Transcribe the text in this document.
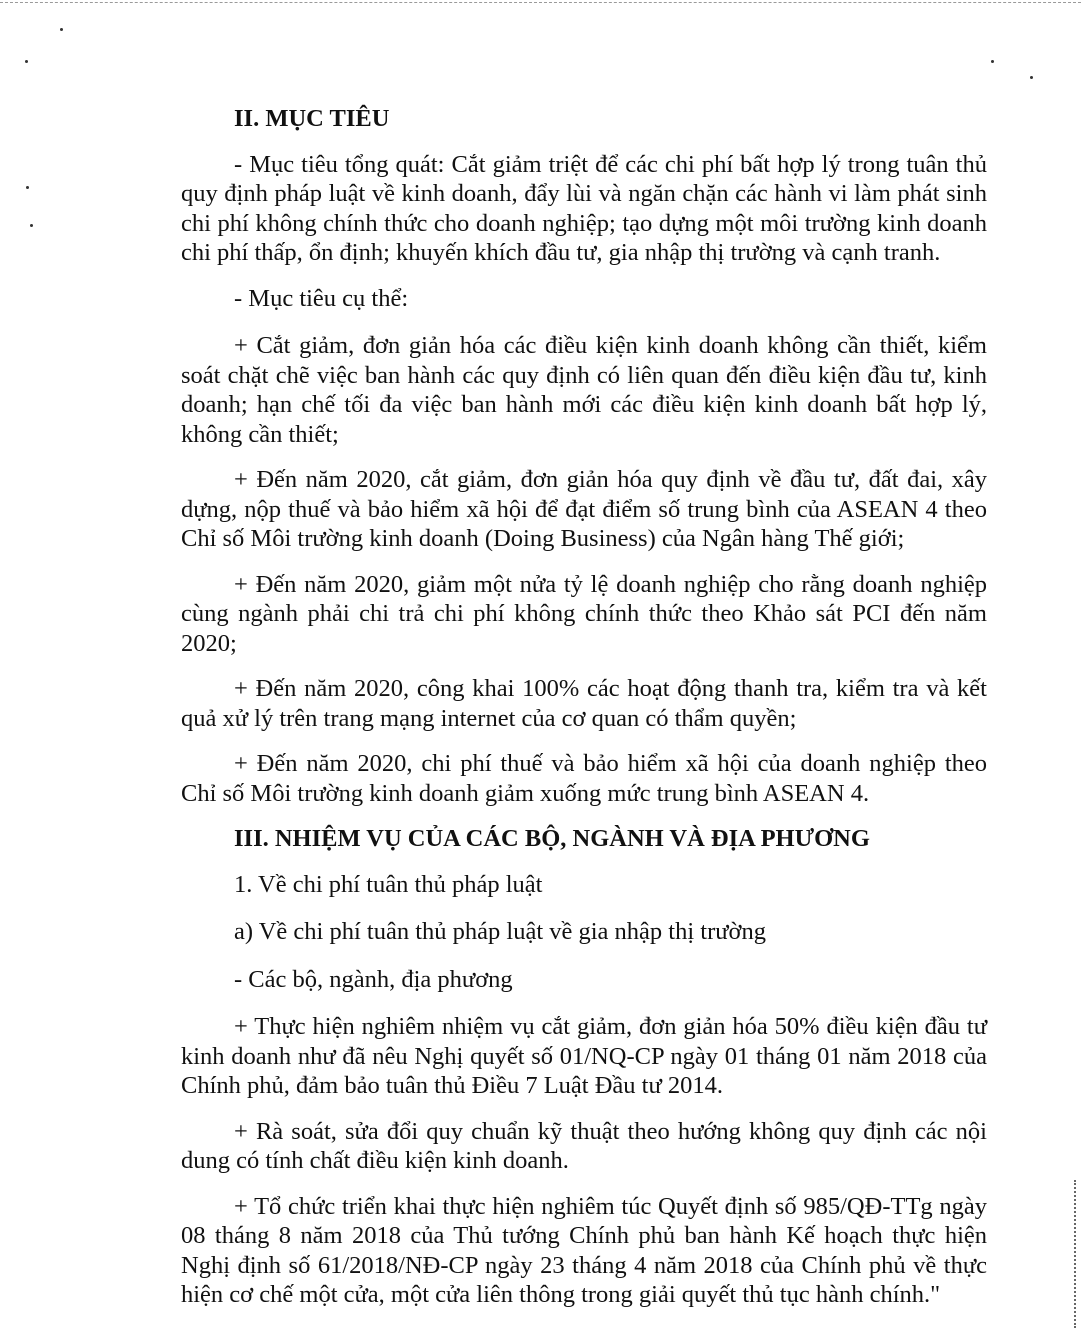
II. MỤC TIÊU
- Mục tiêu tổng quát: Cắt giảm triệt để các chi phí bất hợp lý trong tuân thủ quy định pháp luật về kinh doanh, đẩy lùi và ngăn chặn các hành vi làm phát sinh chi phí không chính thức cho doanh nghiệp; tạo dựng một môi trường kinh doanh chi phí thấp, ổn định; khuyến khích đầu tư, gia nhập thị trường và cạnh tranh.
- Mục tiêu cụ thể:
+ Cắt giảm, đơn giản hóa các điều kiện kinh doanh không cần thiết, kiểm soát chặt chẽ việc ban hành các quy định có liên quan đến điều kiện đầu tư, kinh doanh; hạn chế tối đa việc ban hành mới các điều kiện kinh doanh bất hợp lý, không cần thiết;
+ Đến năm 2020, cắt giảm, đơn giản hóa quy định về đầu tư, đất đai, xây dựng, nộp thuế và bảo hiểm xã hội để đạt điểm số trung bình của ASEAN 4 theo Chỉ số Môi trường kinh doanh (Doing Business) của Ngân hàng Thế giới;
+ Đến năm 2020, giảm một nửa tỷ lệ doanh nghiệp cho rằng doanh nghiệp cùng ngành phải chi trả chi phí không chính thức theo Khảo sát PCI đến năm 2020;
+ Đến năm 2020, công khai 100% các hoạt động thanh tra, kiểm tra và kết quả xử lý trên trang mạng internet của cơ quan có thẩm quyền;
+ Đến năm 2020, chi phí thuế và bảo hiểm xã hội của doanh nghiệp theo Chỉ số Môi trường kinh doanh giảm xuống mức trung bình ASEAN 4.
III. NHIỆM VỤ CỦA CÁC BỘ, NGÀNH VÀ ĐỊA PHƯƠNG
1. Về chi phí tuân thủ pháp luật
a) Về chi phí tuân thủ pháp luật về gia nhập thị trường
- Các bộ, ngành, địa phương
+ Thực hiện nghiêm nhiệm vụ cắt giảm, đơn giản hóa 50% điều kiện đầu tư kinh doanh như đã nêu Nghị quyết số 01/NQ-CP ngày 01 tháng 01 năm 2018 của Chính phủ, đảm bảo tuân thủ Điều 7 Luật Đầu tư 2014.
+ Rà soát, sửa đổi quy chuẩn kỹ thuật theo hướng không quy định các nội dung có tính chất điều kiện kinh doanh.
+ Tổ chức triển khai thực hiện nghiêm túc Quyết định số 985/QĐ-TTg ngày 08 tháng 8 năm 2018 của Thủ tướng Chính phủ ban hành Kế hoạch thực hiện Nghị định số 61/2018/NĐ-CP ngày 23 tháng 4 năm 2018 của Chính phủ về thực hiện cơ chế một cửa, một cửa liên thông trong giải quyết thủ tục hành chính."
